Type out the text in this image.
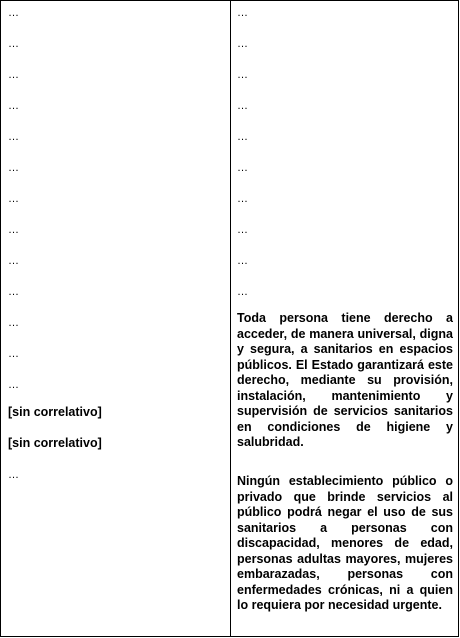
…
…
…
…
…
…
…
…
…
…
…
…
…
[sin correlativo]
[sin correlativo]
…
…
…
…
…
…
…
…
…
…
…

Toda persona tiene derecho a acceder, de manera universal, digna y segura, a sanitarios en espacios públicos. El Estado garantizará este derecho, mediante su provisión, instalación, mantenimiento y supervisión de servicios sanitarios en condiciones de higiene y salubridad.

Ningún establecimiento público o privado que brinde servicios al público podrá negar el uso de sus sanitarios a personas con discapacidad, menores de edad, personas adultas mayores, mujeres embarazadas, personas con enfermedades crónicas, ni a quien lo requiera por necesidad urgente.
